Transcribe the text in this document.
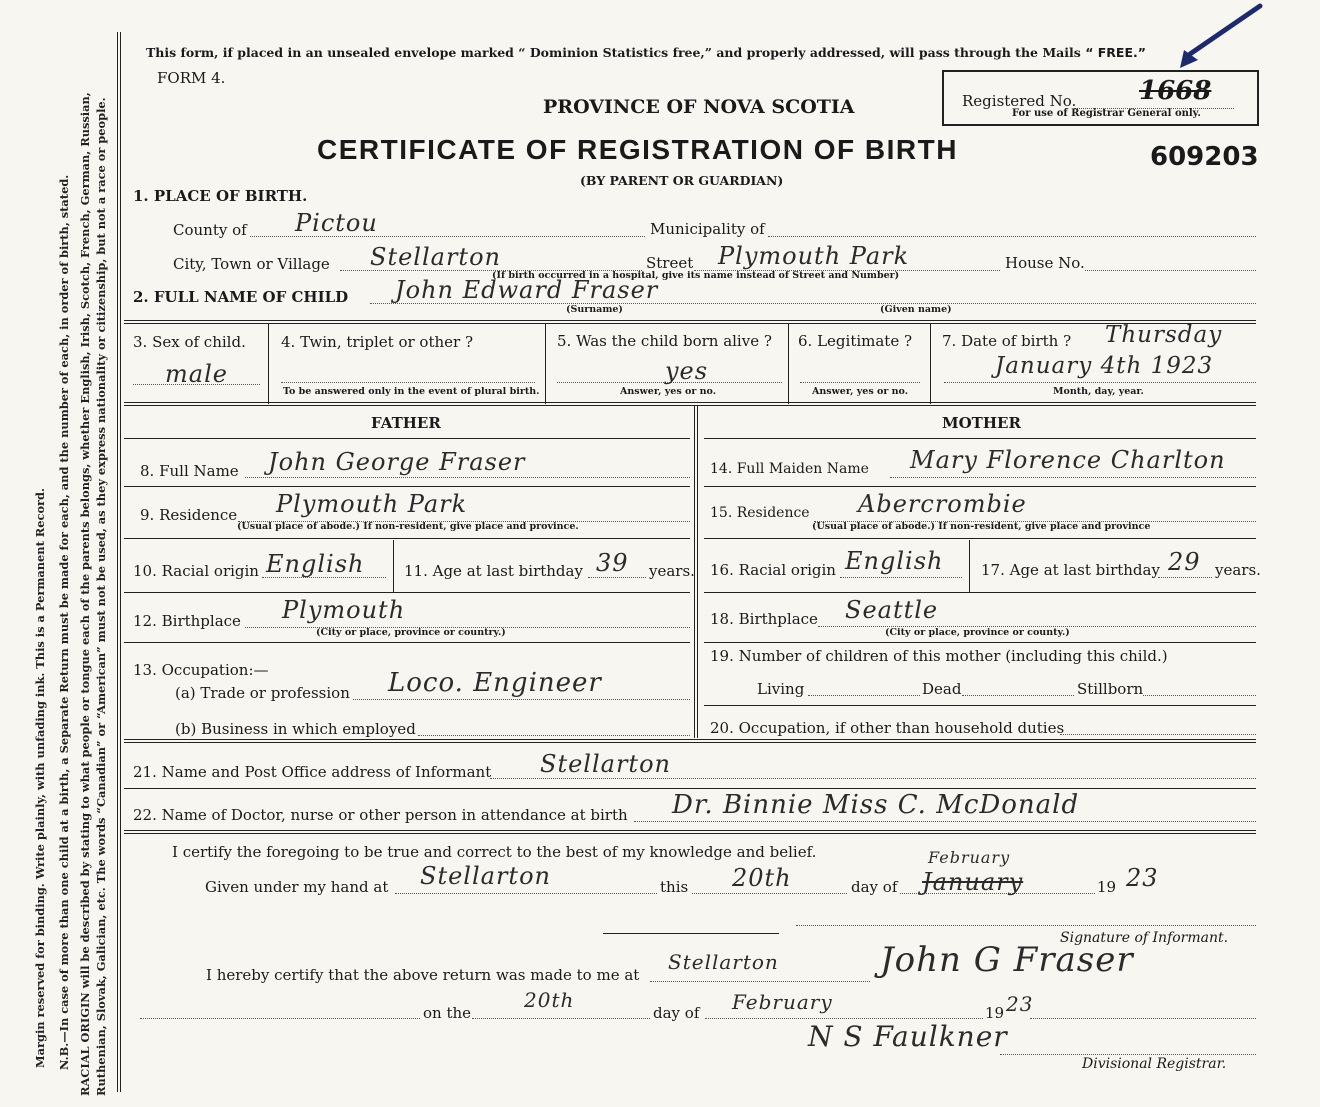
Margin reserved for binding. Write plainly, with unfading ink. This is a Permanent Record. N.B.—In case of more than one child at a birth, a Separate Return must be made for each, and the number of each, in order of birth, stated. RACIAL ORIGIN will be described by stating to what people or tongue each of the parents belongs, whether English, Irish, Scotch, French, German, Russian, Ruthenian, Slovak, Galician, etc. The words “Canadian” or “American” must not be used, as they express nationality or citizenship, but not a race or people.
This form, if placed in an unsealed envelope marked “ Dominion Statistics free,” and properly addressed, will pass through the Mails “ FREE.”
FORM 4.
PROVINCE OF NOVA SCOTIA	Registered No. 1668
For use of Registrar General only.
CERTIFICATE OF REGISTRATION OF BIRTH
(BY PARENT OR GUARDIAN)
609203
1. PLACE OF BIRTH.
County of Pictou	Municipality of
City, Town or Village Stellarton	Street Plymouth Park	House No.
(If birth occurred in a hospital, give its name instead of Street and Number)
2. FULL NAME OF CHILD John Edward Fraser
(Surname)	(Given name)
3. Sex of child.
male
4. Twin, triplet or other ?
To be answered only in the event of plural birth.
5. Was the child born alive ?
yes
Answer, yes or no.
6. Legitimate ?
Answer, yes or no.
7. Date of birth ? Thursday
January 4th 1923
Month, day, year.
FATHER	MOTHER
8. Full Name John George Fraser	14. Full Maiden Name Mary Florence Charlton
9. Residence Plymouth Park
(Usual place of abode.) If non-resident, give place and province.
15. Residence Abercrombie
(Usual place of abode.) If non-resident, give place and province
10. Racial origin English	11. Age at last birthday 39 years. 16. Racial origin English	17. Age at last birthday 29 years.
12. Birthplace Plymouth
(City or place, province or country.)
18. Birthplace Seattle
(City or place, province or county.)
13. Occupation:—
(a) Trade or profession Loco. Engineer
(b) Business in which employed
19. Number of children of this mother (including this child.)
Living	Dead	Stillborn
20. Occupation, if other than household duties
21. Name and Post Office address of Informant Stellarton
22. Name of Doctor, nurse or other person in attendance at birth Dr. Binnie Miss C. McDonald
I certify the foregoing to be true and correct to the best of my knowledge and belief.
Given under my hand at Stellarton	this 20th	day of
February
January	19 23
Signature of Informant.
John G Fraser
I hereby certify that the above return was made to me at
Stellarton
on the
20th
day of February	19 23
N S Faulkner
Divisional Registrar.
